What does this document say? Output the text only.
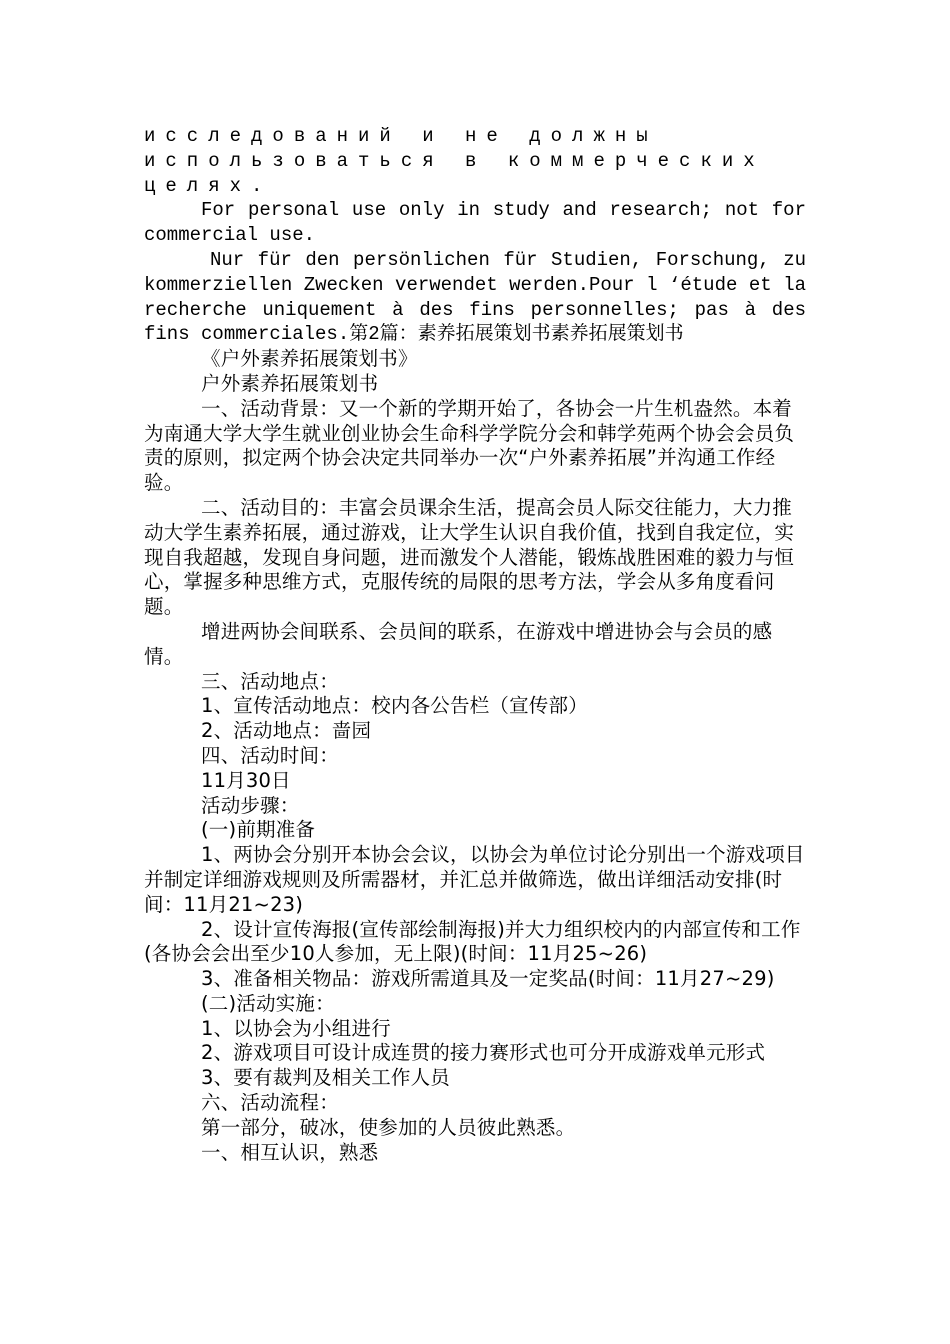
исследований и не должны

использоваться в коммерческих

целях.

For personal use only in study and research; not for commercial use.

Nur für den persönlichen für Studien, Forschung, zu kommerziellen Zwecken verwendet werden.Pour l ‘étude et la recherche uniquement à des fins personnelles; pas à des fins commerciales.第2篇：素养拓展策划书素养拓展策划书

《户外素养拓展策划书》

户外素养拓展策划书

一、活动背景：又一个新的学期开始了，各协会一片生机盎然。本着为南通大学大学生就业创业协会生命科学学院分会和韩学苑两个协会会员负责的原则，拟定两个协会决定共同举办一次“户外素养拓展”并沟通工作经验。

二、活动目的：丰富会员课余生活，提高会员人际交往能力，大力推动大学生素养拓展，通过游戏，让大学生认识自我价值，找到自我定位，实现自我超越，发现自身问题，进而激发个人潜能，锻炼战胜困难的毅力与恒心，掌握多种思维方式，克服传统的局限的思考方法，学会从多角度看问题。

增进两协会间联系、会员间的联系，在游戏中增进协会与会员的感情。

三、活动地点：

1、宣传活动地点：校内各公告栏（宣传部）

2、活动地点：啬园

四、活动时间：

11月30日

活动步骤：

(一)前期准备

1、两协会分别开本协会会议，以协会为单位讨论分别出一个游戏项目并制定详细游戏规则及所需器材，并汇总并做筛选，做出详细活动安排(时间：11月21~23)

2、设计宣传海报(宣传部绘制海报)并大力组织校内的内部宣传和工作(各协会会出至少10人参加，无上限)(时间：11月25~26)

3、准备相关物品：游戏所需道具及一定奖品(时间：11月27~29)

(二)活动实施：

1、以协会为小组进行

2、游戏项目可设计成连贯的接力赛形式也可分开成游戏单元形式

3、要有裁判及相关工作人员

六、活动流程：

第一部分，破冰，使参加的人员彼此熟悉。

一、相互认识，熟悉
